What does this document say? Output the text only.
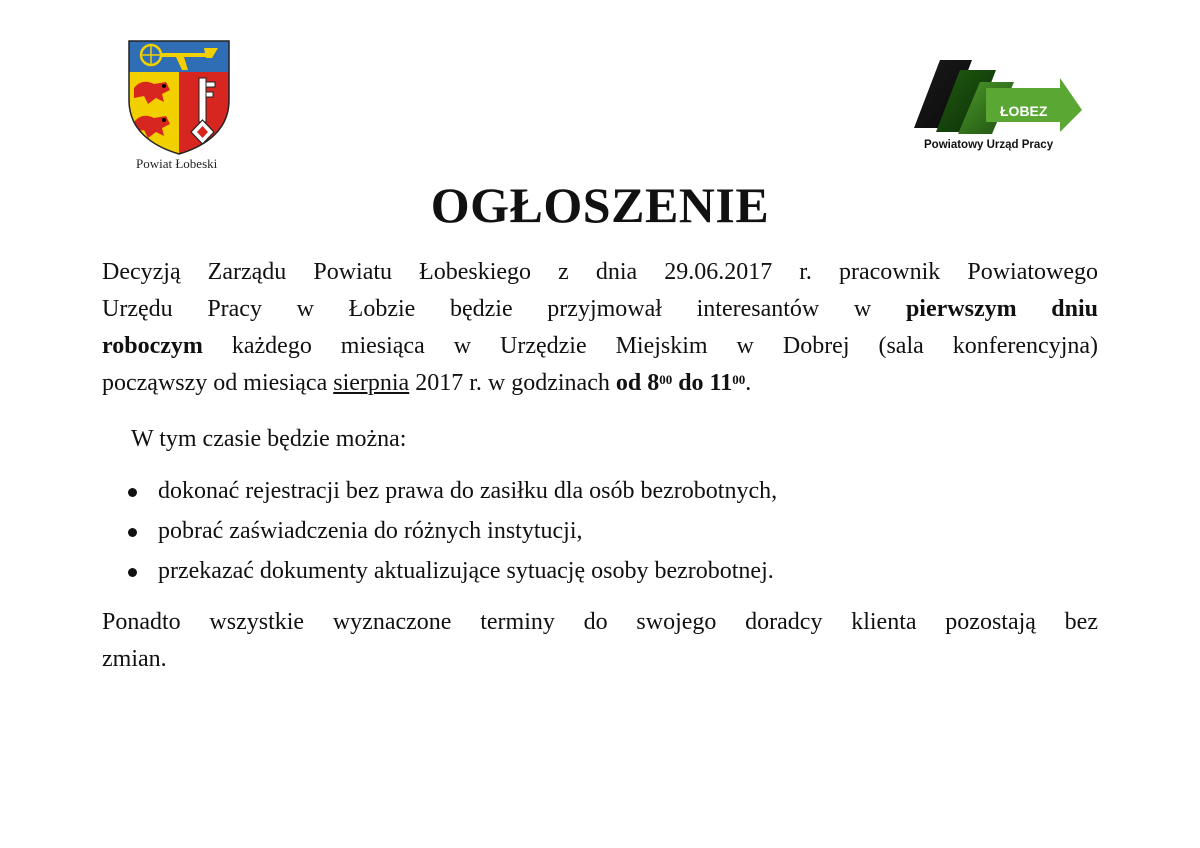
Powiat Łobeski
ŁOBEZ
Powiatowy Urząd Pracy
OGŁOSZENIE
Decyzją Zarządu Powiatu Łobeskiego z dnia 29.06.2017 r. pracownik Powiatowego
Urzędu Pracy w Łobzie będzie przyjmował interesantów w pierwszym dniu
roboczym każdego miesiąca w Urzędzie Miejskim w Dobrej (sala konferencyjna)
począwszy od miesiąca sierpnia 2017 r. w godzinach od $8^{00}$ do $11^{00}$.

W tym czasie będzie można:

dokonać rejestracji bez prawa do zasiłku dla osób bezrobotnych,
pobrać zaświadczenia do różnych instytucji,
przekazać dokumenty aktualizujące sytuację osoby bezrobotnej.
Ponadto wszystkie wyznaczone terminy do swojego doradcy klienta pozostają bez
zmian.
